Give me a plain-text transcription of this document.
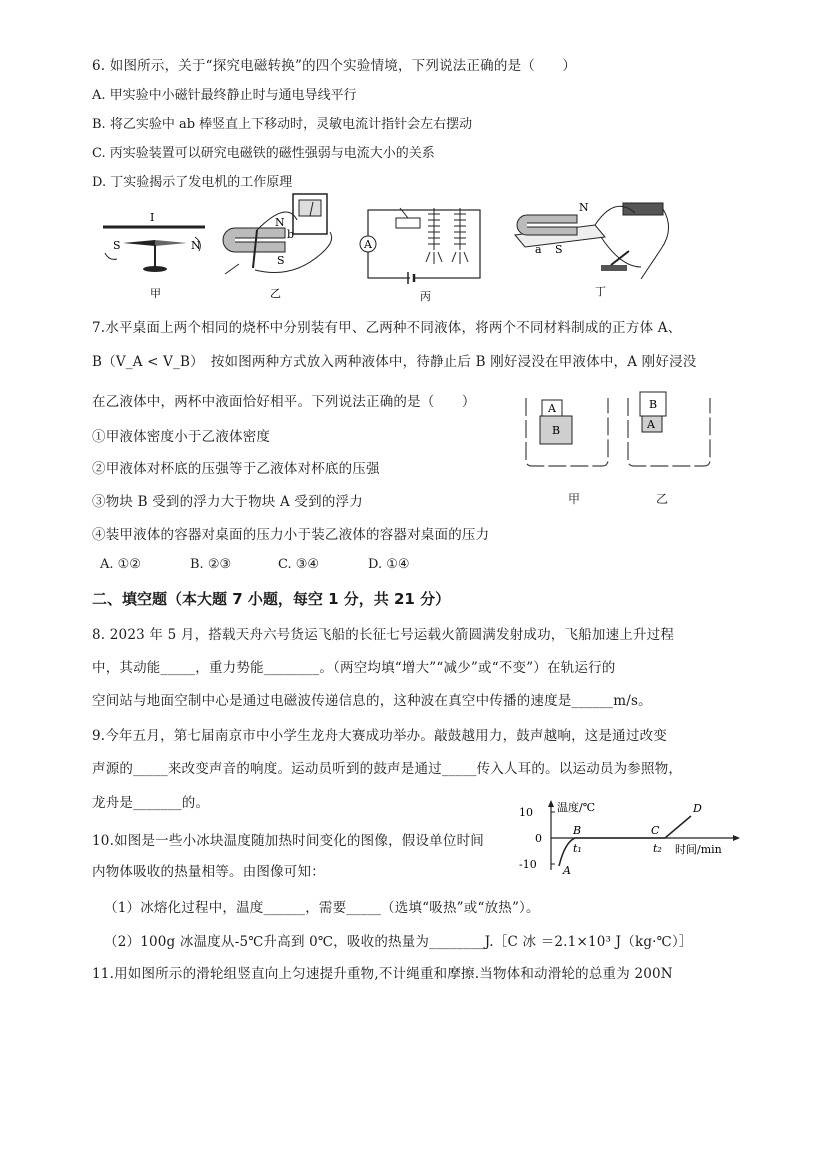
6. 如图所示，关于“探究电磁转换”的四个实验情境，下列说法正确的是（　　）
A. 甲实验中小磁针最终静止时与通电导线平行
B. 将乙实验中 ab 棒竖直上下移动时，灵敏电流计指针会左右摆动
C. 丙实验装置可以研究电磁铁的磁性强弱与电流大小的关系
D. 丁实验揭示了发电机的工作原理
I
S	N
甲
N
S
b
乙
A
丙
N
S
a
丁
7.水平桌面上两个相同的烧杯中分别装有甲、乙两种不同液体，将两个不同材料制成的正方体 A、
B（V_A < V_B）　按如图两种方式放入两种液体中，待静止后 B 刚好浸没在甲液体中，A 刚好浸没
在乙液体中，两杯中液面恰好相平。下列说法正确的是（　　）
①甲液体密度小于乙液体密度
②甲液体对杯底的压强等于乙液体对杯底的压强
③物块 B 受到的浮力大于物块 A 受到的浮力
④装甲液体的容器对桌面的压力小于装乙液体的容器对桌面的压力
A. ①②	B. ②③	C. ③④	D. ①④
A
B
B
A
甲	乙
二、填空题（本大题 7 小题，每空 1 分，共 21 分）
8. 2023 年 5 月，搭载天舟六号货运飞船的长征七号运载火箭圆满发射成功，飞船加速上升过程
中，其动能_____，重力势能________。（两空均填“增大”“减少”或“不变”）在轨运行的
空间站与地面空制中心是通过电磁波传递信息的，这种波在真空中传播的速度是______m/s。
9.今年五月，第七届南京市中小学生龙舟大赛成功举办。敲鼓越用力，鼓声越响，这是通过改变
声源的_____来改变声音的响度。运动员听到的鼓声是通过_____传入人耳的。以运动员为参照物，
龙舟是_______的。
10.如图是一些小冰块温度随加热时间变化的图像，假设单位时间
内物体吸收的热量相等。由图像可知：
（1）冰熔化过程中，温度______，需要_____（选填“吸热”或“放热”）。
（2）100g 冰温度从-5℃升高到 0℃，吸收的热量为________J.［C 冰 ＝2.1×10³ J（kg·℃）］
10
0
-10
温度/℃
时间/min
A
B	C
D
t₁	t₂
11.用如图所示的滑轮组竖直向上匀速提升重物,不计绳重和摩擦.当物体和动滑轮的总重为 200N
